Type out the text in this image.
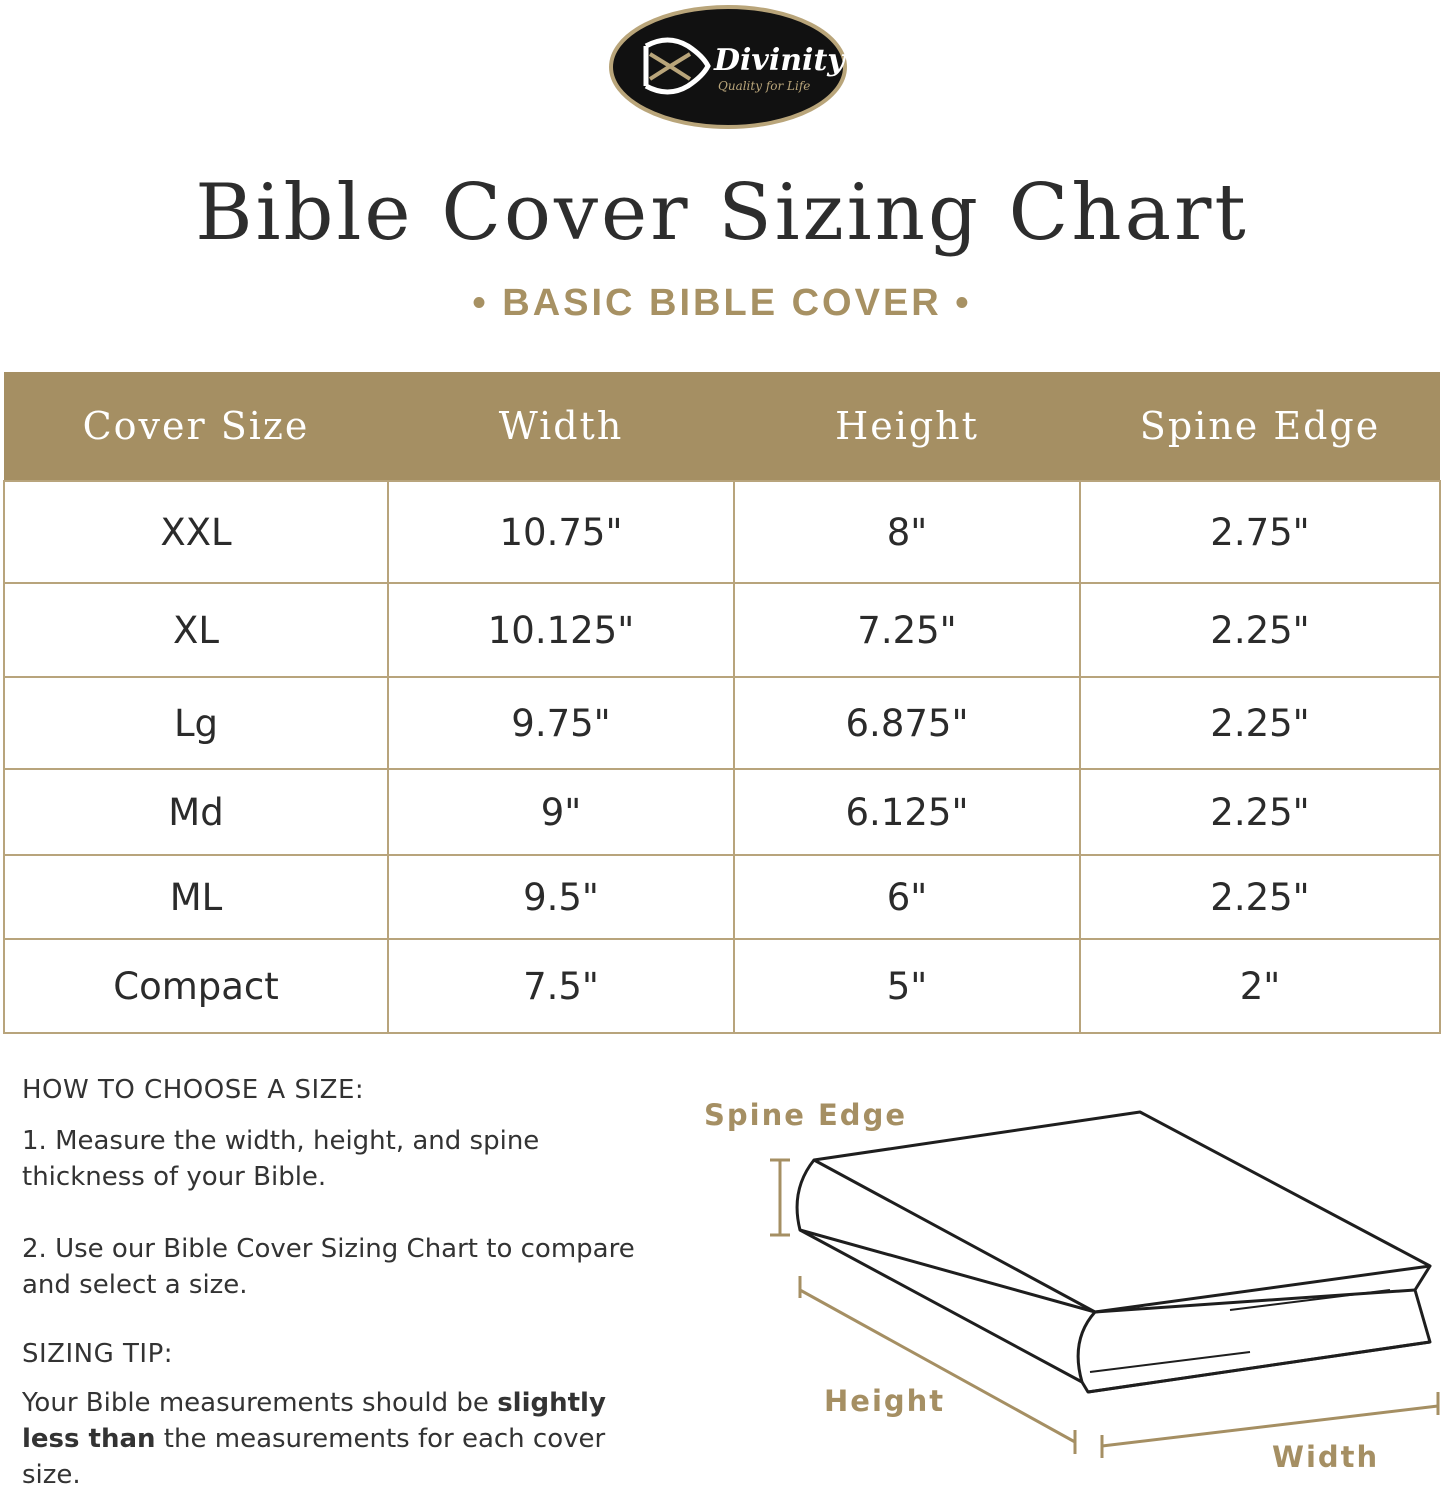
Divinity
Quality for Life
Bible Cover Sizing Chart
• BASIC BIBLE COVER •
Cover Size	Width	Height	Spine Edge
XXL	10.75"	8"	2.75"
XL	10.125"	7.25"	2.25"
Lg	9.75"	6.875"	2.25"
Md	9"	6.125"	2.25"
ML	9.5"	6"	2.25"
Compact	7.5"	5"	2"
HOW TO CHOOSE A SIZE:

1. Measure the width, height, and spine thickness of your Bible.

2. Use our Bible Cover Sizing Chart to compare and select a size.

SIZING TIP:

Your Bible measurements should be slightly less than the measurements for each cover size.

Spine Edge
Height
Width
